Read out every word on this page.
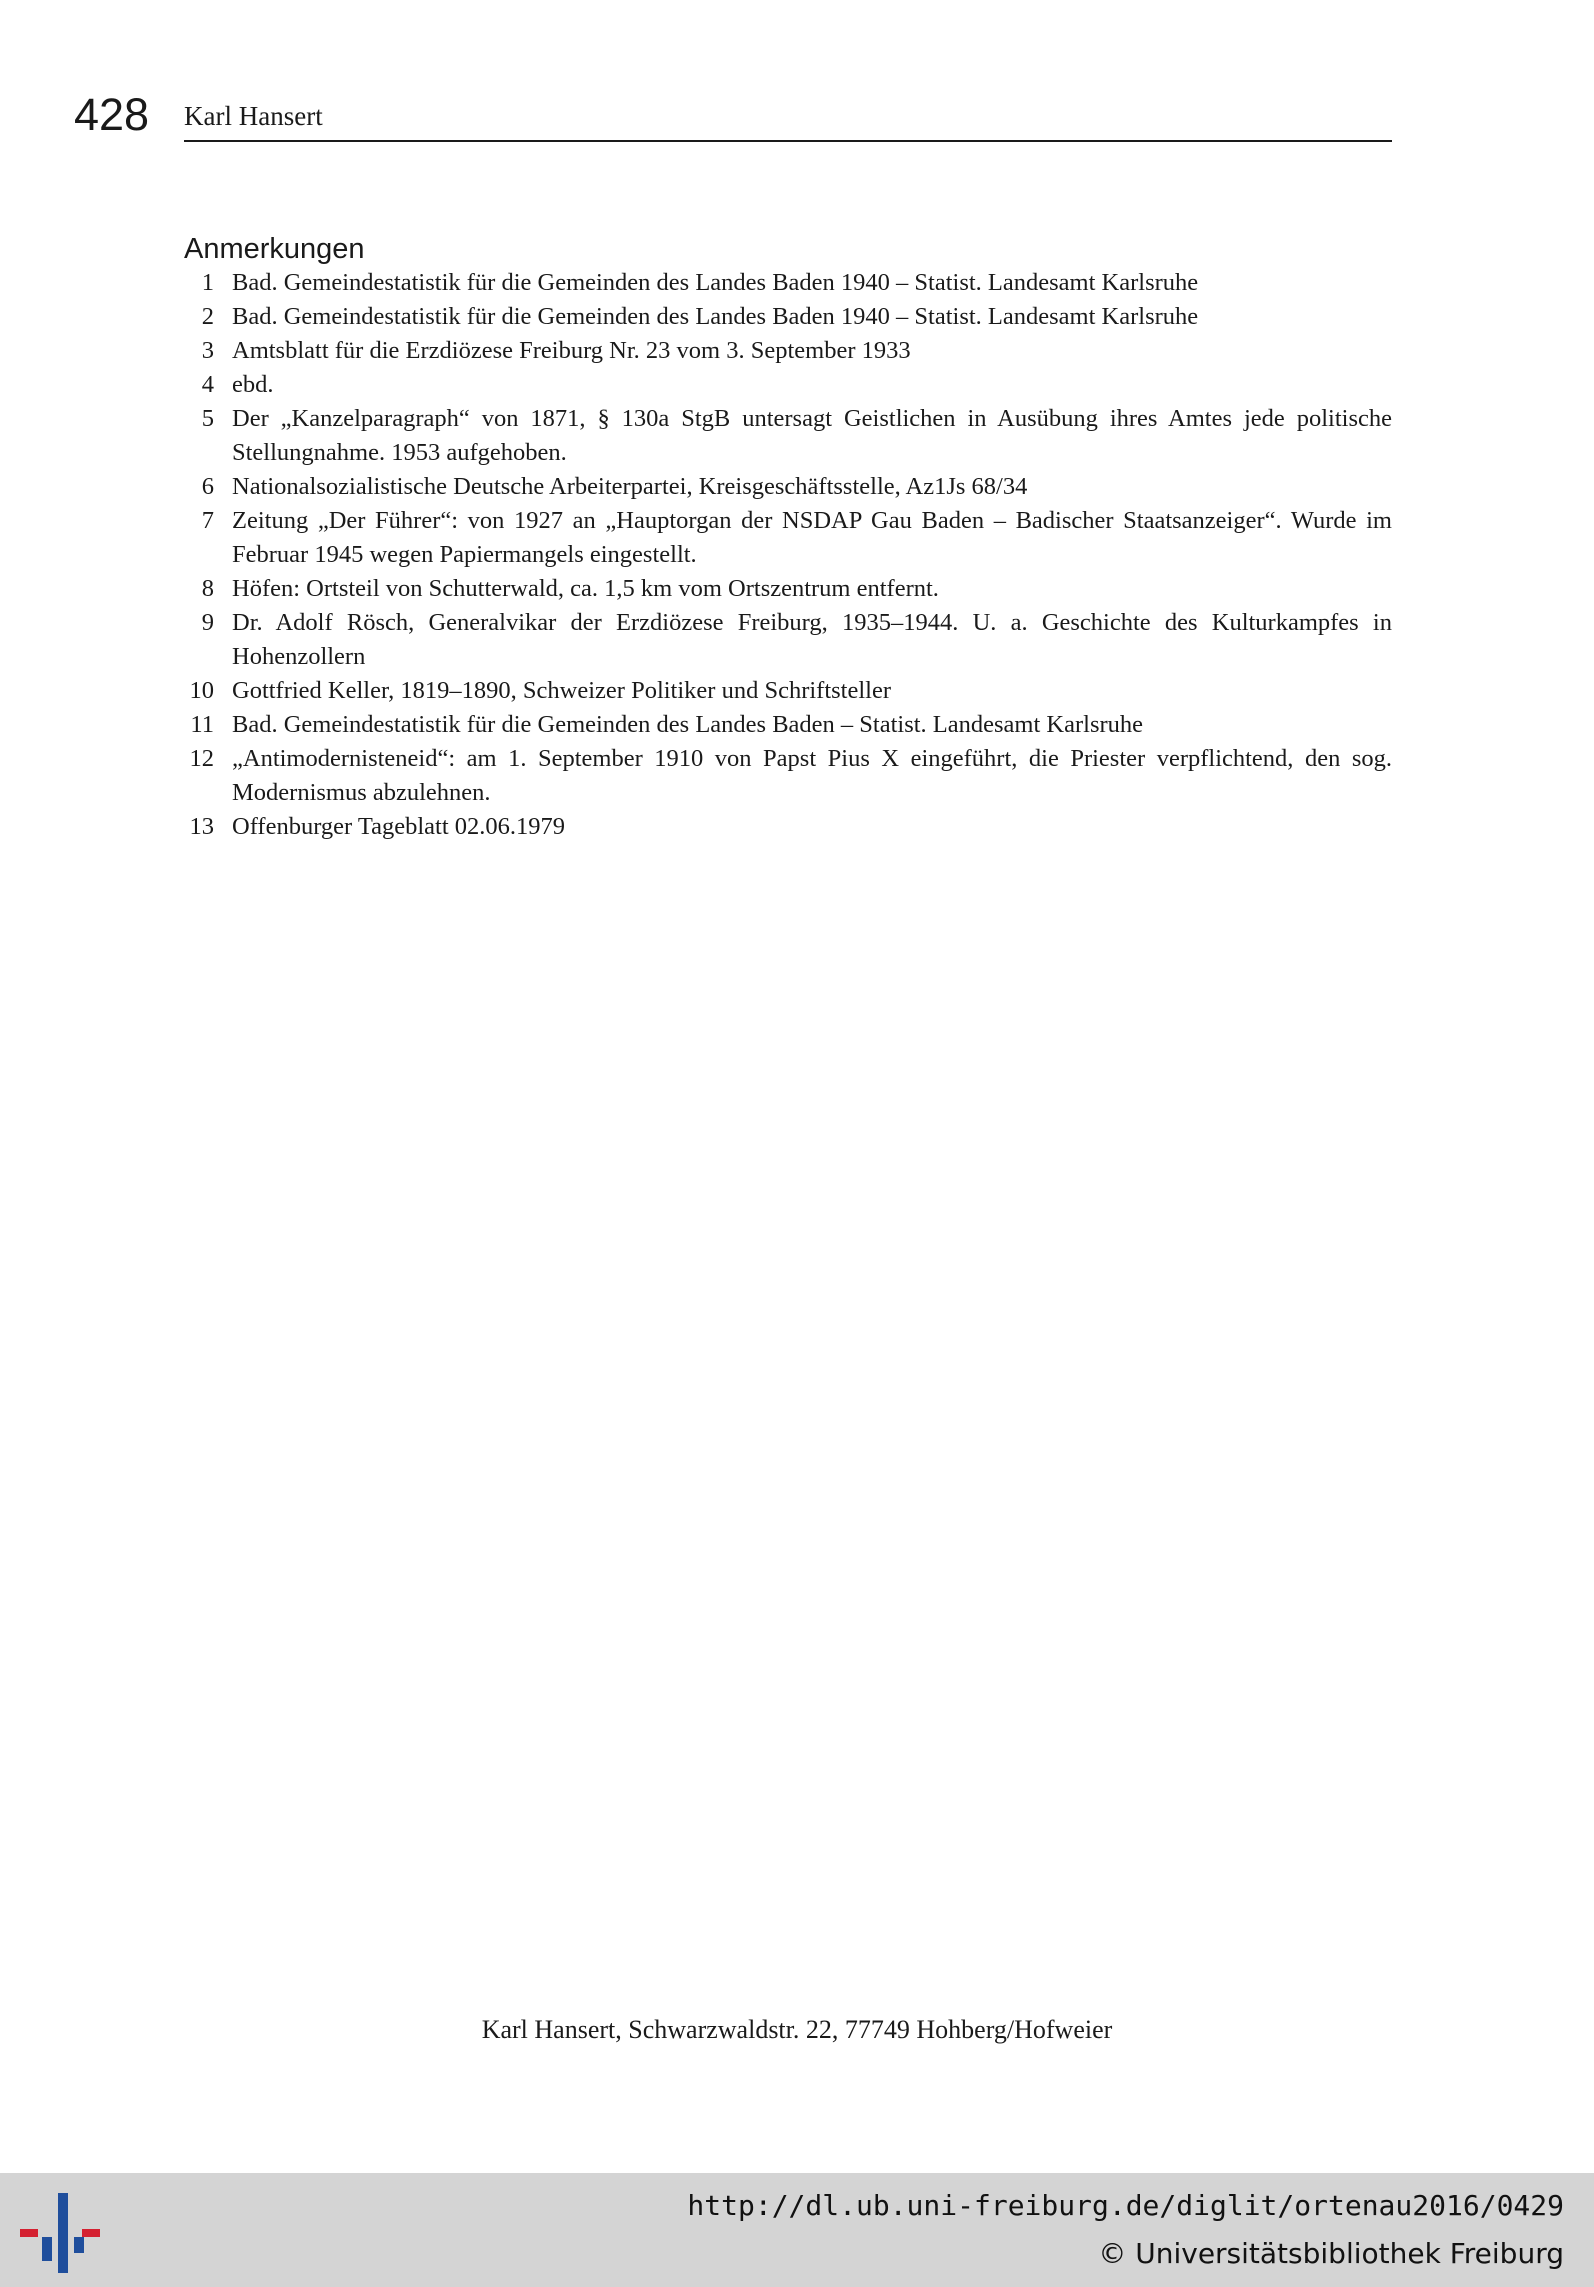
428 Karl Hansert
Anmerkungen
1 Bad. Gemeindestatistik für die Gemeinden des Landes Baden 1940 – Statist. Landesamt Karlsruhe
2 Bad. Gemeindestatistik für die Gemeinden des Landes Baden 1940 – Statist. Landesamt Karlsruhe
3 Amtsblatt für die Erzdiözese Freiburg Nr. 23 vom 3. September 1933
4 ebd.
5 Der „Kanzelparagraph“ von 1871, § 130a StgB untersagt Geistlichen in Ausübung ihres Amtes jede politische Stellungnahme. 1953 aufgehoben.
6 Nationalsozialistische Deutsche Arbeiterpartei, Kreisgeschäftsstelle, Az1Js 68/34
7 Zeitung „Der Führer“: von 1927 an „Hauptorgan der NSDAP Gau Baden – Badischer Staatsanzeiger“. Wurde im Februar 1945 wegen Papiermangels eingestellt.
8 Höfen: Ortsteil von Schutterwald, ca. 1,5 km vom Ortszentrum entfernt.
9 Dr. Adolf Rösch, Generalvikar der Erzdiözese Freiburg, 1935–1944. U. a. Geschichte des Kulturkampfes in Hohenzollern
10 Gottfried Keller, 1819–1890, Schweizer Politiker und Schriftsteller
11 Bad. Gemeindestatistik für die Gemeinden des Landes Baden – Statist. Landesamt Karlsruhe
12 „Antimodernisteneid“: am 1. September 1910 von Papst Pius X eingeführt, die Priester verpflichtend, den sog. Modernismus abzulehnen.
13 Offenburger Tageblatt 02.06.1979
Karl Hansert, Schwarzwaldstr. 22, 77749 Hohberg/Hofweier
http://dl.ub.uni-freiburg.de/diglit/ortenau2016/0429
© Universitätsbibliothek Freiburg
